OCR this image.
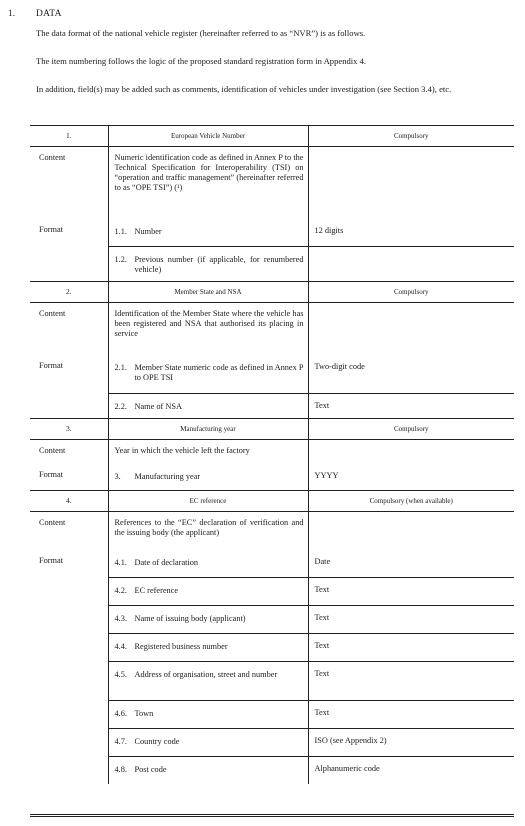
1. DATA
The data format of the national vehicle register (hereinafter referred to as “NVR”) is as follows.
The item numbering follows the logic of the proposed standard registration form in Appendix 4.
In addition, field(s) may be added such as comments, identification of vehicles under investigation (see Section 3.4), etc.
1.	European Vehicle Number	Compulsory
Content	Numeric identification code as defined in Annex P to the Technical Specification for Interoperability (TSI) on “operation and traffic management” (hereinafter referred to as “OPE TSI”) (¹)	

Format	1.1. Number	12 digits

	1.2. Previous number (if applicable, for renumbered vehicle)	

2.	Member State and NSA	Compulsory
Content	Identification of the Member State where the vehicle has been registered and NSA that authorised its placing in service	

Format	2.1. Member State numeric code as defined in Annex P to OPE TSI	Two-digit code

	2.2. Name of NSA	Text
3.	Manufacturing year	Compulsory
Content	Year in which the vehicle left the factory	

Format	3. Manufacturing year	YYYY
4.	EC reference	Compulsory (when available)
Content	References to the “EC” declaration of verification and the issuing body (the applicant)	

Format	4.1. Date of declaration	Date

	4.2. EC reference	Text

	4.3. Name of issuing body (applicant)	Text

	4.4. Registered business number	Text

	4.5. Address of organisation, street and number	Text

	4.6. Town	Text

	4.7. Country code	ISO (see Appendix 2)

	4.8. Post code	Alphanumeric code
